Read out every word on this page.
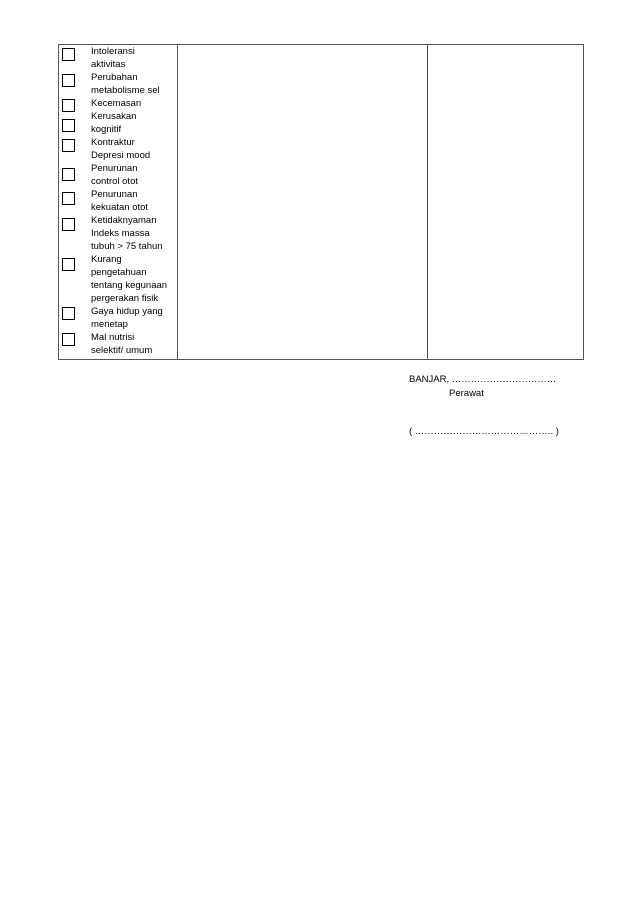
Intoleransi
aktivitas
Perubahan
metabolisme sel
Kecemasan
Kerusakan
kognitif
Kontraktur
Depresi mood
Penurunan
control otot
Penurunan
kekuatan otot
Ketidaknyaman
Indeks massa
tubuh > 75 tahun
Kurang
pengetahuan
tentang kegunaan
pergerakan fisik
Gaya hidup yang
menetap
Mal nutrisi
selektif/ umum
BANJAR, ……………………………
Perawat
( …………………………………….. )
